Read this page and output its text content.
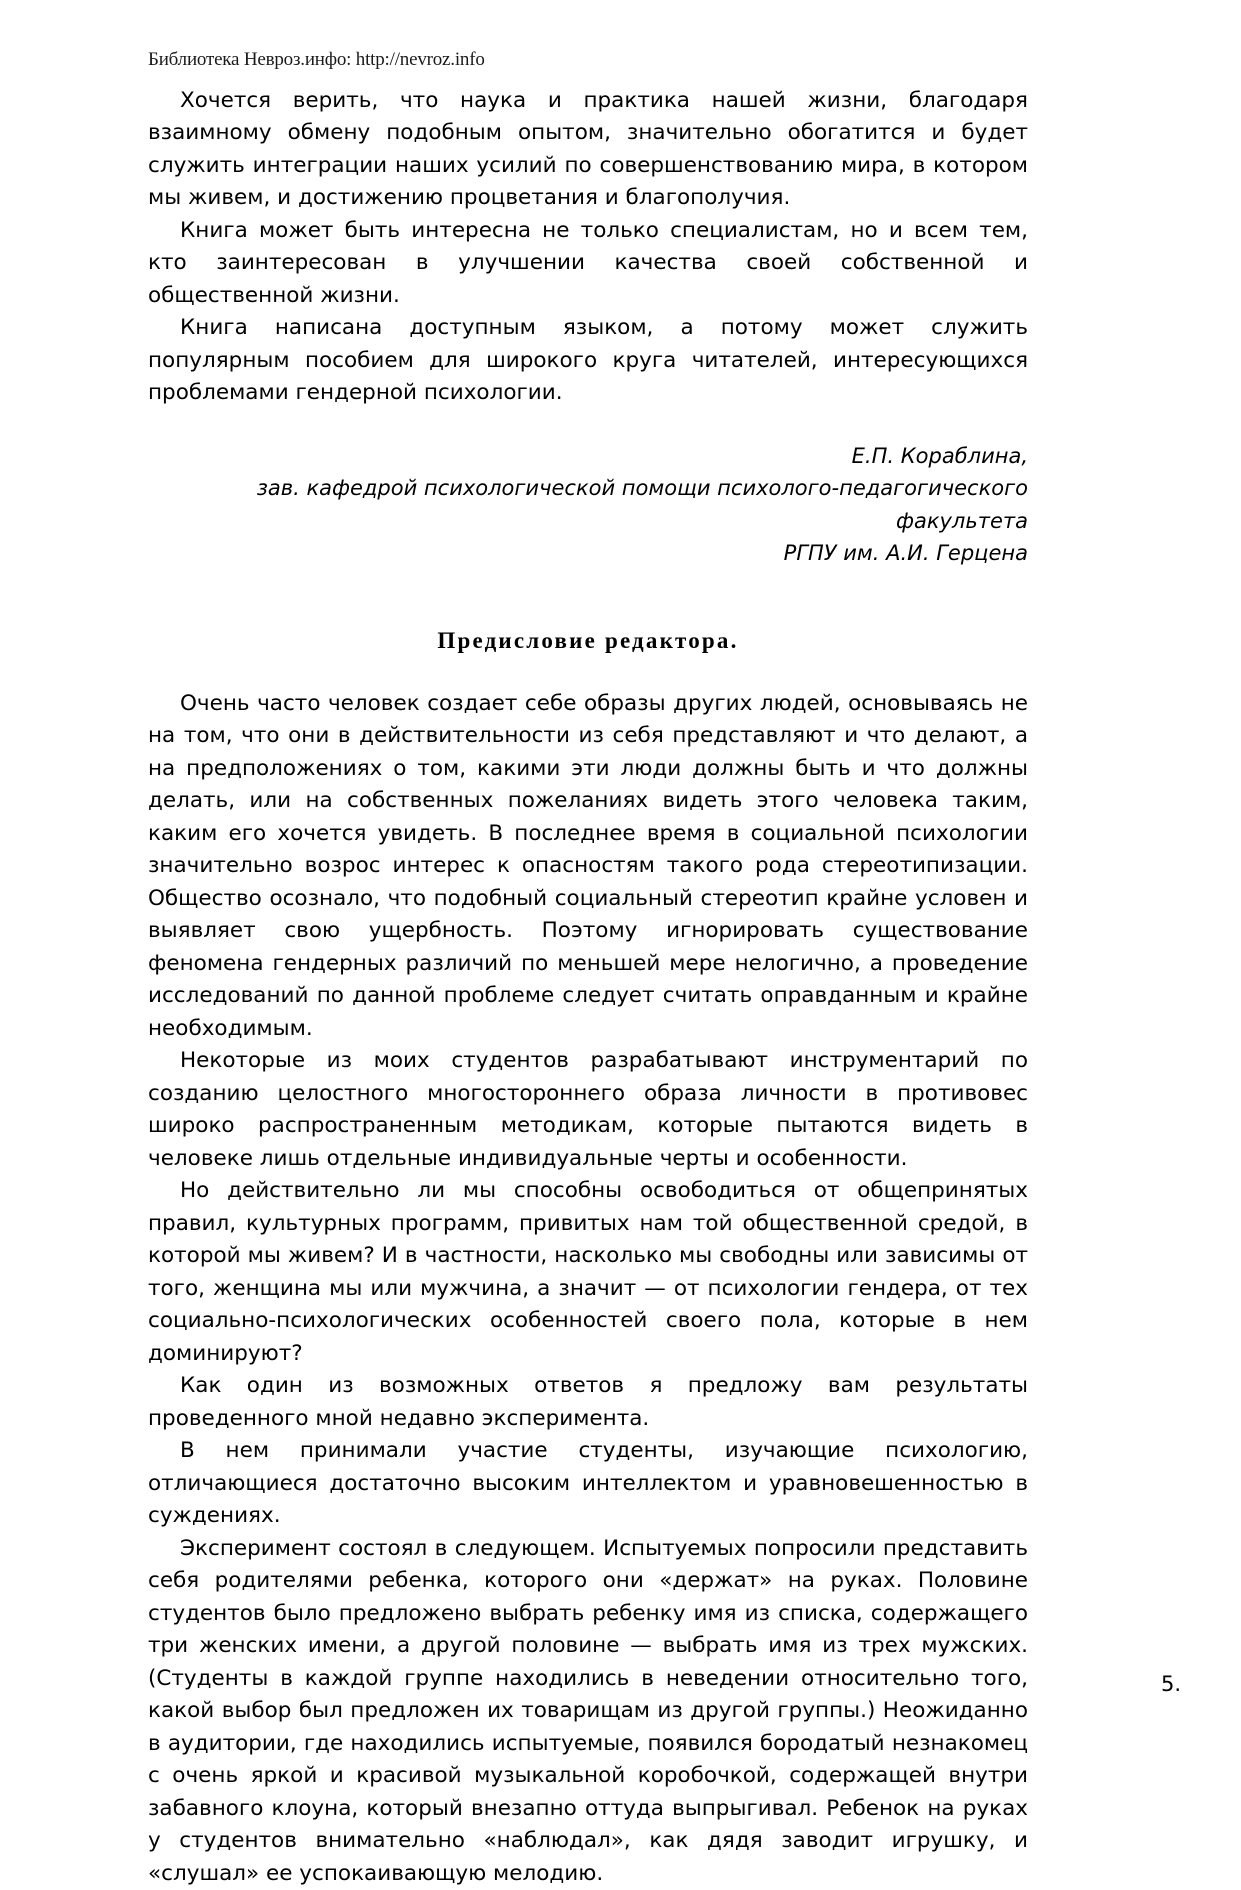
Библиотека Невроз.инфо: http://nevroz.info

Хочется верить, что наука и практика нашей жизни, благодаря взаимному обмену подобным опытом, значительно обогатится и будет служить интеграции наших усилий по совершенствованию мира, в котором мы живем, и достижению процветания и благополучия.

Книга может быть интересна не только специалистам, но и всем тем, кто заинтересован в улучшении качества своей собственной и общественной жизни.

Книга написана доступным языком, а потому может служить популярным пособием для широкого круга читателей, интересующихся проблемами гендерной психологии.

Е.П. Кораблина,
зав. кафедрой психологической помощи психолого-педагогического
факультета
РГПУ им. А.И. Герцена
Предисловие редактора.

Очень часто человек создает себе образы других людей, основываясь не на том, что они в действительности из себя представляют и что делают, а на предположениях о том, какими эти люди должны быть и что должны делать, или на собственных пожеланиях видеть этого человека таким, каким его хочется увидеть. В последнее время в социальной психологии значительно возрос интерес к опасностям такого рода стереотипизации. Общество осознало, что подобный социальный стереотип крайне условен и выявляет свою ущербность. Поэтому игнорировать существование феномена гендерных различий по меньшей мере нелогично, а проведение исследований по данной проблеме следует считать оправданным и крайне необходимым.

Некоторые из моих студентов разрабатывают инструментарий по созданию целостного многостороннего образа личности в противовес широко распространенным методикам, которые пытаются видеть в человеке лишь отдельные индивидуальные черты и особенности.

Но действительно ли мы способны освободиться от общепринятых правил, культурных программ, привитых нам той общественной средой, в которой мы живем? И в частности, насколько мы свободны или зависимы от того, женщина мы или мужчина, а значит — от психологии гендера, от тех социально-психологических особенностей своего пола, которые в нем доминируют?

Как один из возможных ответов я предложу вам результаты проведенного мной недавно эксперимента.

В нем принимали участие студенты, изучающие психологию, отличающиеся достаточно высоким интеллектом и уравновешенностью в суждениях.

Эксперимент состоял в следующем. Испытуемых попросили представить себя родителями ребенка, которого они «держат» на руках. Половине студентов было предложено выбрать ребенку имя из списка, содержащего три женских имени, а другой половине — выбрать имя из трех мужских. (Студенты в каждой группе находились в неведении относительно того, какой выбор был предложен их товарищам из другой группы.) Неожиданно в аудитории, где находились испытуемые, появился бородатый незнакомец с очень яркой и красивой музыкальной коробочкой, содержащей внутри забавного клоуна, который внезапно оттуда выпрыгивал. Ребенок на руках у студентов внимательно «наблюдал», как дядя заводит игрушку, и «слушал» ее успокаивающую мелодию.

5.
